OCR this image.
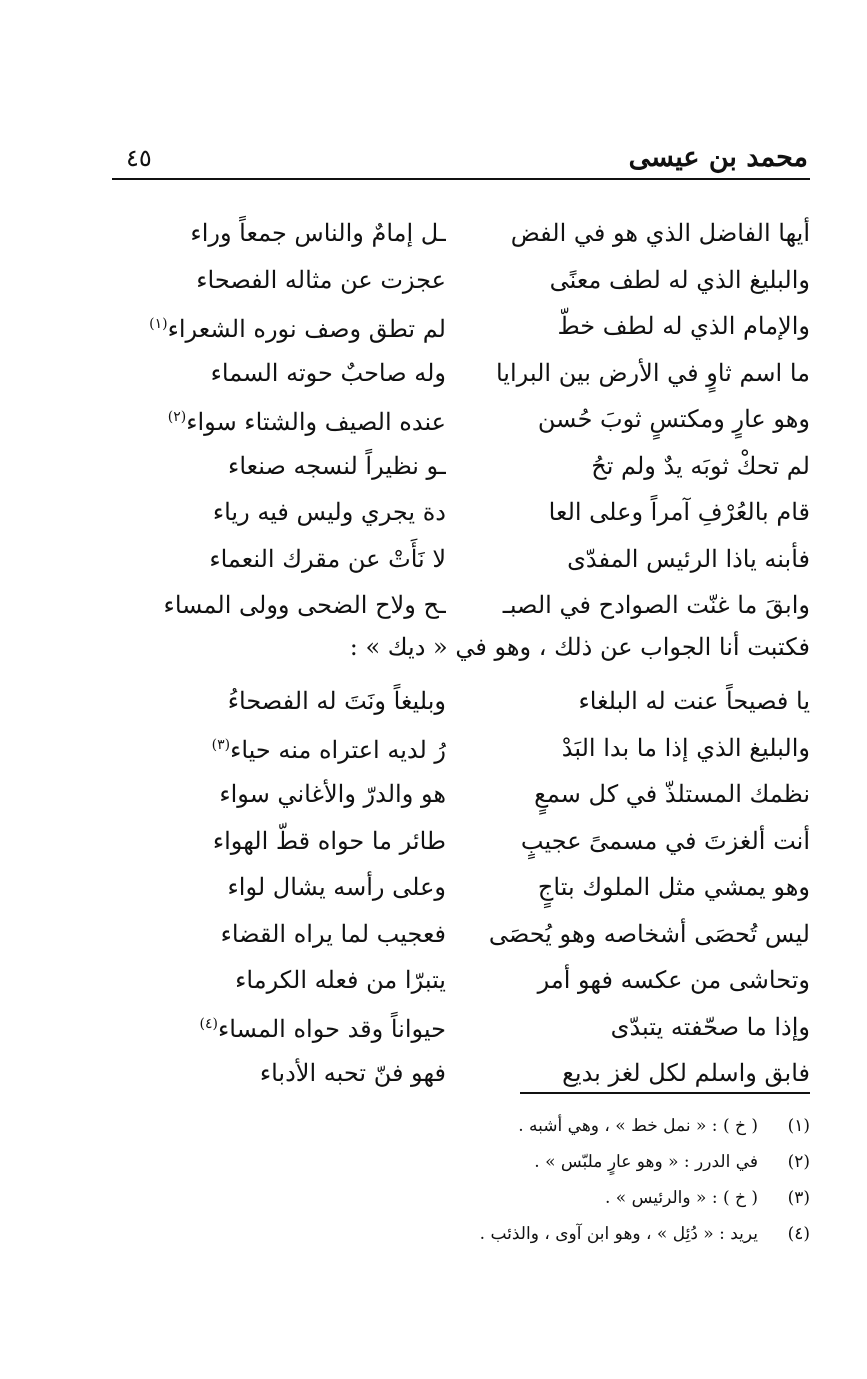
محمد بن عيسى
٤٥
أيها الفاضل الذي هو في الفض
ـل إمامٌ والناس جمعاً وراء
والبليغ الذي له لطف معنًى
عجزت عن مثاله الفصحاء
والإمام الذي له لطف خطّ
لم تطق وصف نوره الشعراء$^{(١)}$
ما اسم ثاوٍ في الأرض بين البرايا
وله صاحبٌ حوته السماء
وهو عارٍ ومكتسٍ ثوبَ حُسن
عنده الصيف والشتاء سواء$^{(٢)}$
لم تحكْ ثوبَه يدٌ ولم تحُ
ـو نظيراً لنسجه صنعاء
قام بالعُرْفِ آمراً وعلى العا
دة يجري وليس فيه رياء
فأبنه ياذا الرئيس المفدّى
لا نَأَتْ عن مقرك النعماء
وابقَ ما غنّت الصوادح في الصبـ
ـح ولاح الضحى وولى المساء
فكتبت أنا الجواب عن ذلك ، وهو في « ديك » :
يا فصيحاً عنت له البلغاء
وبليغاً ونَتَ له الفصحاءُ
والبليغ الذي إذا ما بدا البَدْ
رُ لديه اعتراه منه حياء$^{(٣)}$
نظمك المستلذّ في كل سمعٍ
هو والدرّ والأغاني سواء
أنت ألغزتَ في مسمىً عجيبٍ
طائر ما حواه قطّ الهواء
وهو يمشي مثل الملوك بتاجٍ
وعلى رأسه يشال لواء
ليس تُحصَى أشخاصه وهو يُحصَى
فعجيب لما يراه القضاء
وتحاشى من عكسه فهو أمر
يتبرّا من فعله الكرماء
وإذا ما صحّفته يتبدّى
حيواناً وقد حواه المساء$^{(٤)}$
فابق واسلم لكل لغز بديع
فهو فنّ تحبه الأدباء
(١)
( خ ) : « نمل خط » ، وهي أشبه .
(٢)
في الدرر : « وهو عارٍ ملبّس » .
(٣)
( خ ) : « والرئيس » .
(٤)
يريد : « دُئِل » ، وهو ابن آوى ، والذئب .
